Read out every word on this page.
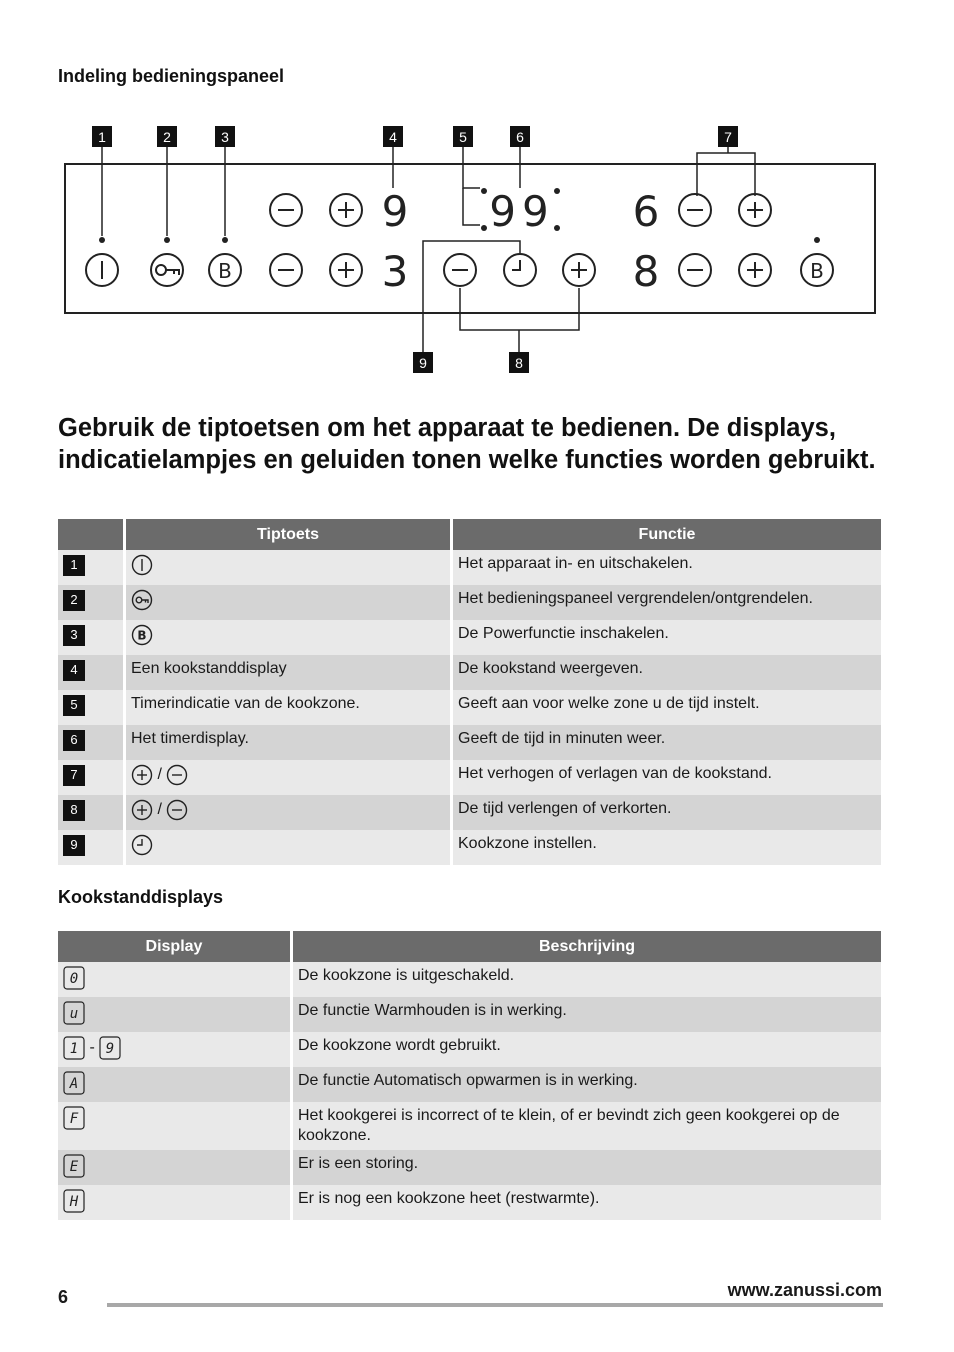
Indeling bedieningspaneel
1	2	3	4	5	6	7
9	8
B	B
9 99 6
3	8
Gebruik de tiptoetsen om het apparaat te bedienen. De displays, indicatielampjes en geluiden tonen welke functies worden gebruikt.
	Tiptoets	Functie
1		Het apparaat in- en uitschakelen.
2		Het bedieningspaneel vergrendelen/ontgrendelen.
3	B	De Powerfunctie inschakelen.
4	Een kookstanddisplay	De kookstand weergeven.
5	Timerindicatie van de kookzone.	Geeft aan voor welke zone u de tijd instelt.
6	Het timerdisplay.	Geeft de tijd in minuten weer.
7	/	Het verhogen of verlagen van de kookstand.
8	/	De tijd verlengen of verkorten.
9		Kookzone instellen.
Kookstanddisplays
Display	Beschrijving

0	De kookzone is uitgeschakeld.

u	De functie Warmhouden is in werking.

1 - 9	De kookzone wordt gebruikt.

A	De functie Automatisch opwarmen is in werking.

F	Het kookgerei is incorrect of te klein, of er bevindt zich geen kookgerei op de kookzone.

E	Er is een storing.

H	Er is nog een kookzone heet (restwarmte).
6	www.zanussi.com
